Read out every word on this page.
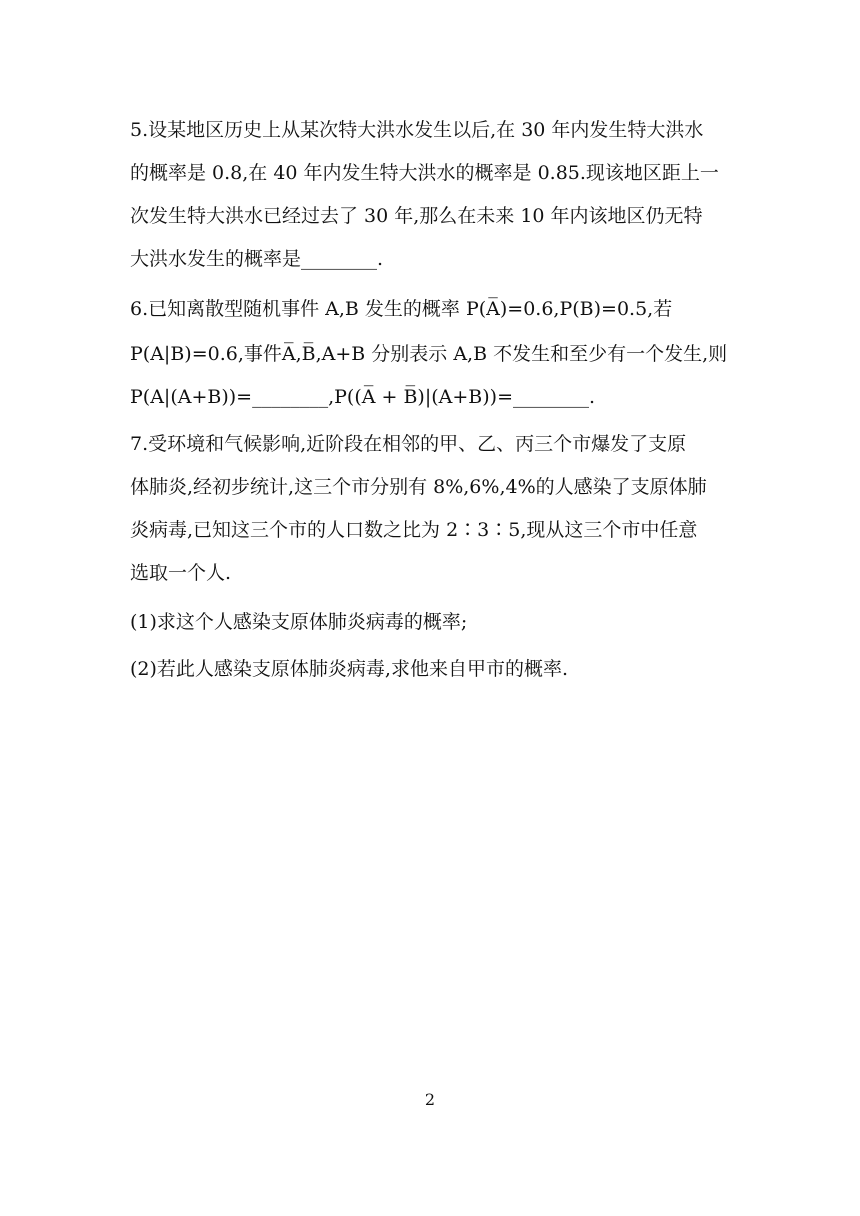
5.设某地区历史上从某次特大洪水发生以后,在 30 年内发生特大洪水
的概率是 0.8,在 40 年内发生特大洪水的概率是 0.85.现该地区距上一
次发生特大洪水已经过去了 30 年,那么在未来 10 年内该地区仍无特
大洪水发生的概率是________.
6.已知离散型随机事件 A,B 发生的概率 P(A̅)=0.6,P(B)=0.5,若
P(A|B)=0.6,事件A̅,B̅,A+B 分别表示 A,B 不发生和至少有一个发生,则
P(A|(A+B))=________,P((A̅ + B̅)|(A+B))=________.
7.受环境和气候影响,近阶段在相邻的甲、乙、丙三个市爆发了支原
体肺炎,经初步统计,这三个市分别有 8%,6%,4%的人感染了支原体肺
炎病毒,已知这三个市的人口数之比为 2∶3∶5,现从这三个市中任意
选取一个人.
(1)求这个人感染支原体肺炎病毒的概率;
(2)若此人感染支原体肺炎病毒,求他来自甲市的概率.
2
